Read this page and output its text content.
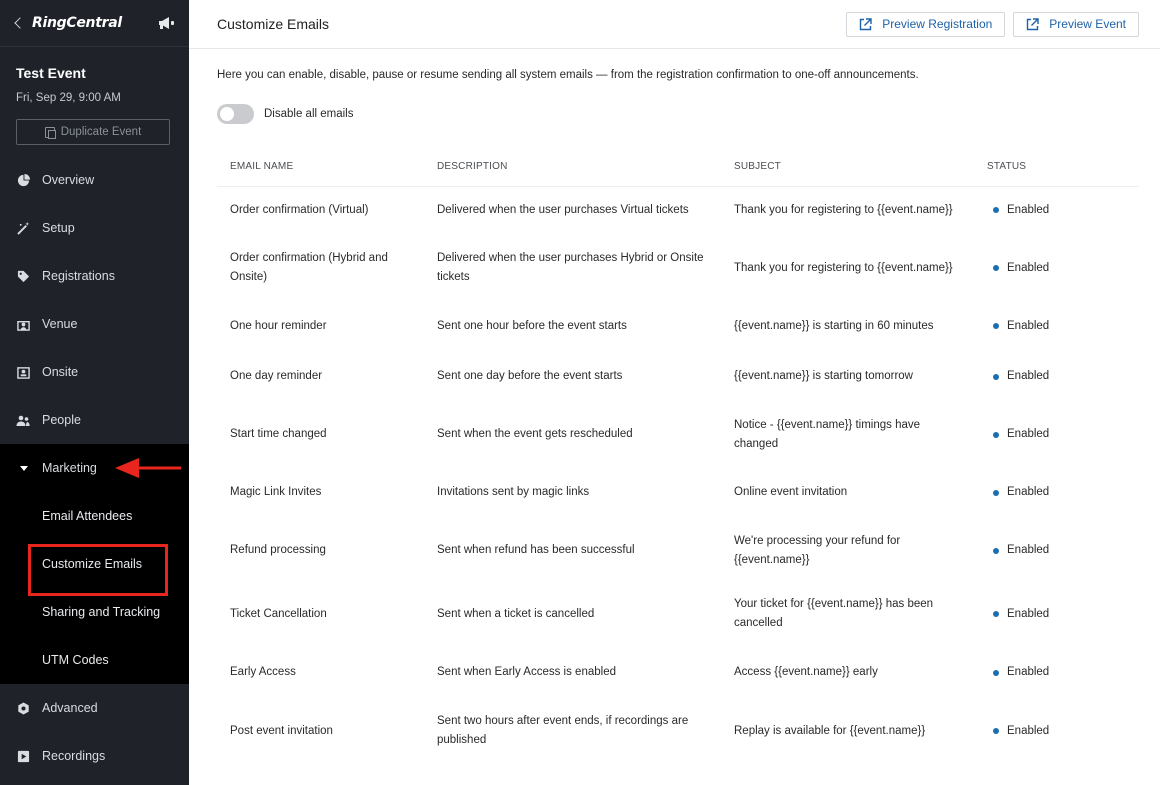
RingCentral
Test Event
Fri, Sep 29, 9:00 AM
Duplicate Event
Overview
Setup
Registrations
Venue
Onsite
People
Marketing
Email Attendees
Customize Emails
Sharing and Tracking
UTM Codes
Advanced
Recordings
Customize Emails	Preview Registration	Preview Event

Here you can enable, disable, pause or resume sending all system emails — from the registration confirmation to one-off announcements.

Disable all emails
EMAIL NAME	DESCRIPTION	SUBJECT	STATUS
Order confirmation (Virtual)	Delivered when the user purchases Virtual tickets	Thank you for registering to {{event.name}}	Enabled

Order confirmation (Hybrid and Onsite)	Delivered when the user purchases Hybrid or Onsite tickets	Thank you for registering to {{event.name}}	Enabled

One hour reminder	Sent one hour before the event starts	{{event.name}} is starting in 60 minutes	Enabled

One day reminder	Sent one day before the event starts	{{event.name}} is starting tomorrow	Enabled

Start time changed	Sent when the event gets rescheduled	Notice - {{event.name}} timings have changed	Enabled

Magic Link Invites	Invitations sent by magic links	Online event invitation	Enabled

Refund processing	Sent when refund has been successful	We're processing your refund for {{event.name}}	Enabled

Ticket Cancellation	Sent when a ticket is cancelled	Your ticket for {{event.name}} has been cancelled	Enabled

Early Access	Sent when Early Access is enabled	Access {{event.name}} early	Enabled

Post event invitation	Sent two hours after event ends, if recordings are published	Replay is available for {{event.name}}	Enabled
